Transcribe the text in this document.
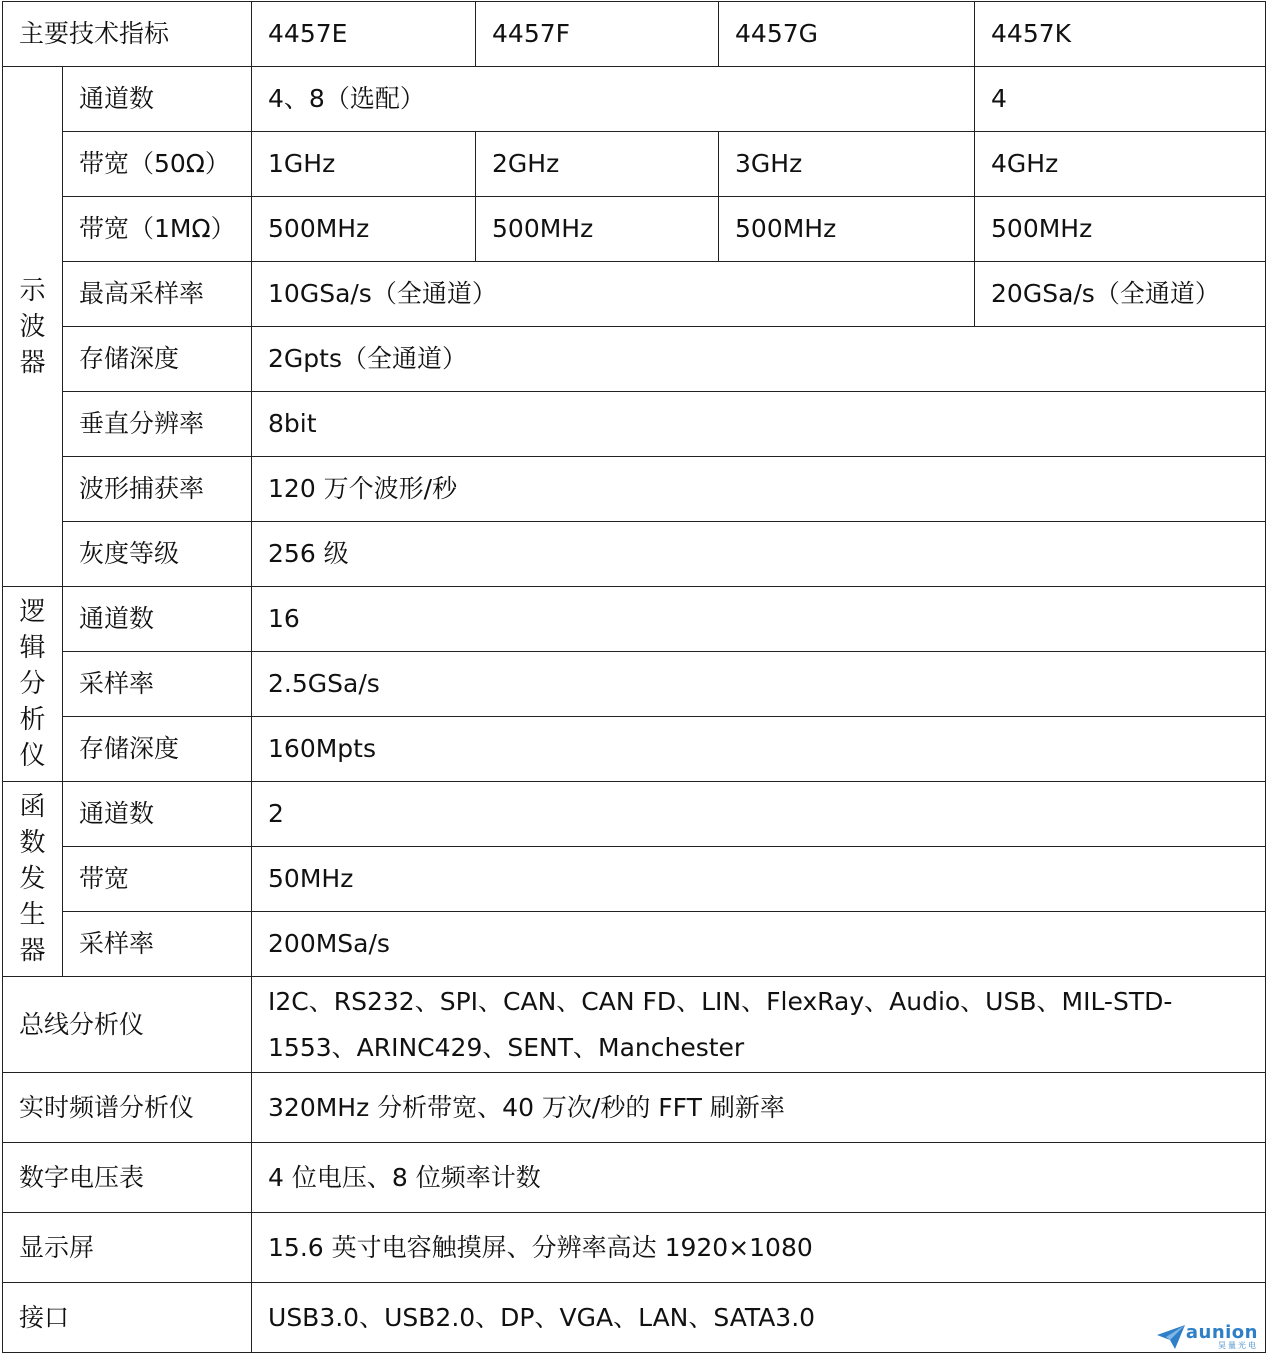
主要技术指标		4457E	4457F	4457G	4457K
示波器	通道数	4、8（选配）			4
	带宽（50Ω）	1GHz	2GHz	3GHz	4GHz
	带宽（1MΩ）	500MHz	500MHz	500MHz	500MHz
	最高采样率	10GSa/s（全通道）			20GSa/s（全通道）
	存储深度	2Gpts（全通道）			
	垂直分辨率	8bit			
	波形捕获率	120 万个波形/秒			
	灰度等级	256 级			
逻辑分析仪	通道数	16			
	采样率	2.5GSa/s			
	存储深度	160Mpts			
函数发生器	通道数	2			
	带宽	50MHz			
	采样率	200MSa/s			
总线分析仪		I2C、RS232、SPI、CAN、CAN FD、LIN、FlexRay、Audio、USB、MIL-STD-1553、ARINC429、SENT、Manchester			
实时频谱分析仪		320MHz 分析带宽、40 万次/秒的 FFT 刷新率			
数字电压表		4 位电压、8 位频率计数			
显示屏		15.6 英寸电容触摸屏、分辨率高达 1920×1080			
接口		USB3.0、USB2.0、DP、VGA、LAN、SATA3.0			
aunion
昊量光电
